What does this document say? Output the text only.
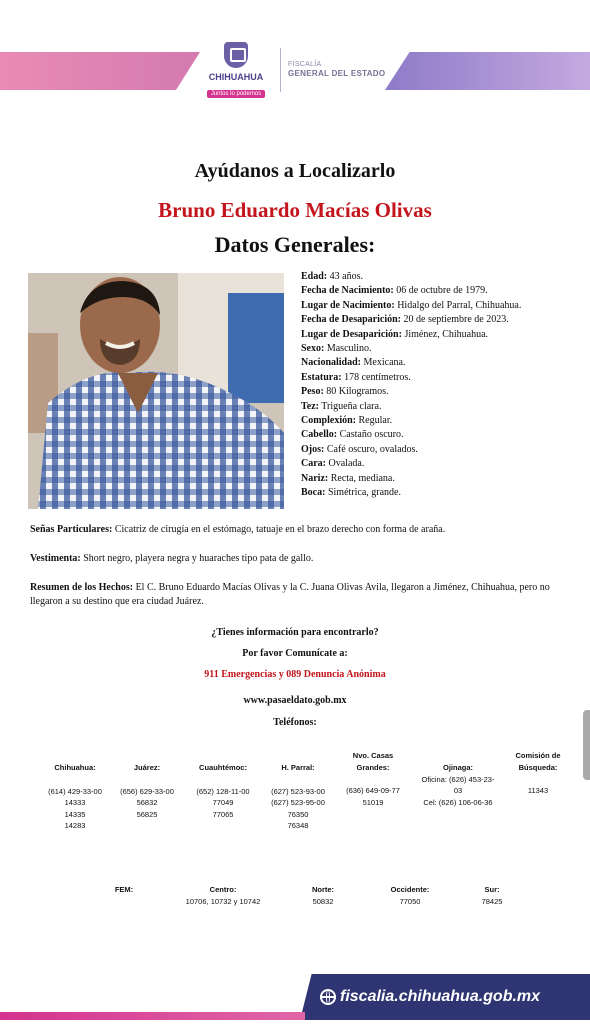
CHIHUAHUA
Juntos lo podemos
FISCALÍA
GENERAL DEL ESTADO
Ayúdanos a Localizarlo
Bruno Eduardo Macías Olivas
Datos Generales:
Edad: 43 años.
Fecha de Nacimiento: 06 de octubre de 1979.
Lugar de Nacimiento: Hidalgo del Parral, Chihuahua.
Fecha de Desaparición: 20 de septiembre de 2023.
Lugar de Desaparición: Jiménez, Chihuahua.
Sexo: Masculino.
Nacionalidad: Mexicana.
Estatura: 178 centímetros.
Peso: 80 Kilogramos.
Tez: Trigueña clara.
Complexión: Regular.
Cabello: Castaño oscuro.
Ojos: Café oscuro, ovalados.
Cara: Ovalada.
Nariz: Recta, mediana.
Boca: Simétrica, grande.
Señas Particulares: Cicatriz de cirugía en el estómago, tatuaje en el brazo derecho con forma de araña.
Vestimenta: Short negro, playera negra y huaraches tipo pata de gallo.
Resumen de los Hechos: El C. Bruno Eduardo Macías Olivas y la C. Juana Olivas Avila, llegaron a Jiménez, Chihuahua, pero no llegaron a su destino que era ciudad Juárez.
¿Tienes información para encontrarlo?
Por favor Comunícate a:
911 Emergencias y 089 Denuncia Anónima
www.pasaeldato.gob.mx
Teléfonos:
Chihuahua:
(614) 429-33-00
14333
14335
14283
Juárez:
(656) 629-33-00
56832
56825
Cuauhtémoc:
(652) 128-11-00
77049
77065
H. Parral:
(627) 523-93-00
(627) 523-95-00
76350
76348
Nvo. Casas Grandes:
(636) 649-09-77
51019
Ojinaga:
Oficina: (626) 453-23-03
Cel: (626) 106-06-36
Comisión de Búsqueda:
11343
FEM:	Centro:
10706, 10732 y 10742
Norte:
50832
Occidente:
77050
Sur:
78425
fiscalia.chihuahua.gob.mx
